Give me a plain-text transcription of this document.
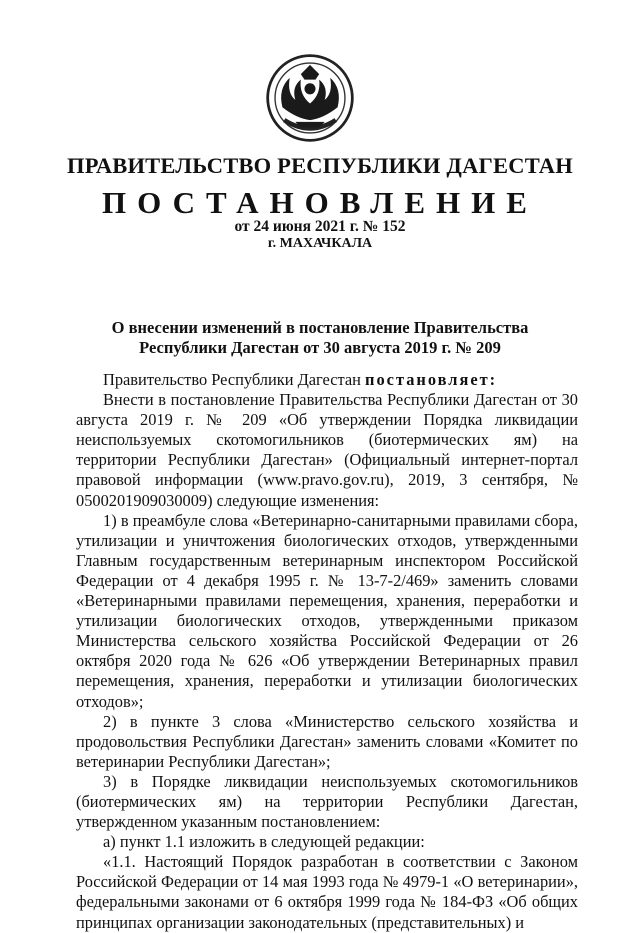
ПРАВИТЕЛЬСТВО РЕСПУБЛИКИ ДАГЕСТАН
ПОСТАНОВЛЕНИЕ
от 24 июня 2021 г. № 152
г. МАХАЧКАЛА
О внесении изменений в постановление Правительства
Республики Дагестан от 30 августа 2019 г. № 209

Правительство Республики Дагестан постановляет:

Внести в постановление Правительства Республики Дагестан от 30 августа 2019 г. № 209 «Об утверждении Порядка ликвидации неиспользуемых скотомогильников (биотермических ям) на территории Республики Дагестан» (Официальный интернет-портал правовой информации (www.pravo.gov.ru), 2019, 3 сентября, № 0500201909030009) следующие изменения:

1) в преамбуле слова «Ветеринарно-санитарными правилами сбора, утилизации и уничтожения биологических отходов, утвержденными Главным государственным ветеринарным инспектором Российской Федерации от 4 декабря 1995 г. № 13-7-2/469» заменить словами «Ветеринарными правилами перемещения, хранения, переработки и утилизации биологических отходов, утвержденными приказом Министерства сельского хозяйства Российской Федерации от 26 октября 2020 года № 626 «Об утверждении Ветеринарных правил перемещения, хранения, переработки и утилизации биологических отходов»;

2) в пункте 3 слова «Министерство сельского хозяйства и продовольствия Республики Дагестан» заменить словами «Комитет по ветеринарии Республики Дагестан»;

3) в Порядке ликвидации неиспользуемых скотомогильников (биотермических ям) на территории Республики Дагестан, утвержденном указанным постановлением:

а) пункт 1.1 изложить в следующей редакции:

«1.1. Настоящий Порядок разработан в соответствии с Законом Российской Федерации от 14 мая 1993 года № 4979-1 «О ветеринарии», федеральными законами от 6 октября 1999 года № 184-ФЗ «Об общих принципах организации законодательных (представительных) и
